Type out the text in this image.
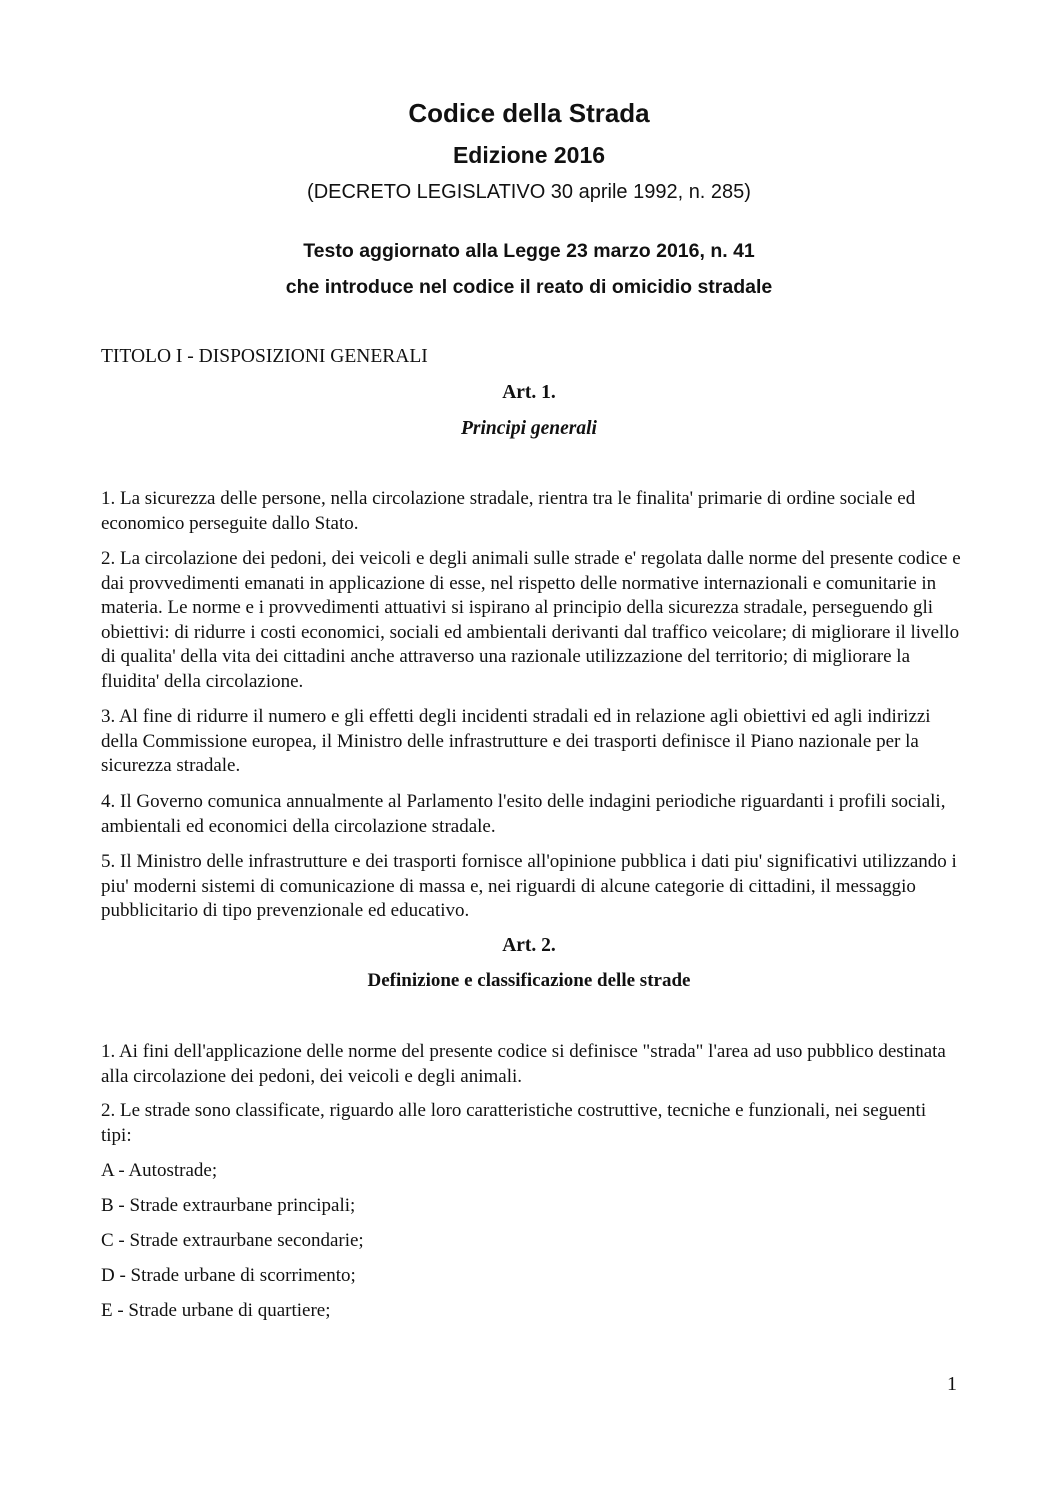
Codice della Strada

Edizione 2016

(DECRETO LEGISLATIVO 30 aprile 1992, n. 285)

Testo aggiornato alla Legge 23 marzo 2016, n. 41

che introduce nel codice il reato di omicidio stradale

TITOLO I - DISPOSIZIONI GENERALI

Art. 1.

Principi generali

1. La sicurezza delle persone, nella circolazione stradale, rientra tra le finalita' primarie di ordine sociale ed economico perseguite dallo Stato.

2. La circolazione dei pedoni, dei veicoli e degli animali sulle strade e' regolata dalle norme del presente codice e dai provvedimenti emanati in applicazione di esse, nel rispetto delle normative internazionali e comunitarie in materia. Le norme e i provvedimenti attuativi si ispirano al principio della sicurezza stradale, perseguendo gli obiettivi: di ridurre i costi economici, sociali ed ambientali derivanti dal traffico veicolare; di migliorare il livello di qualita' della vita dei cittadini anche attraverso una razionale utilizzazione del territorio; di migliorare la fluidita' della circolazione.

3. Al fine di ridurre il numero e gli effetti degli incidenti stradali ed in relazione agli obiettivi ed agli indirizzi della Commissione europea, il Ministro delle infrastrutture e dei trasporti definisce il Piano nazionale per la sicurezza stradale.

4. Il Governo comunica annualmente al Parlamento l'esito delle indagini periodiche riguardanti i profili sociali, ambientali ed economici della circolazione stradale.

5. Il Ministro delle infrastrutture e dei trasporti fornisce all'opinione pubblica i dati piu' significativi utilizzando i piu' moderni sistemi di comunicazione di massa e, nei riguardi di alcune categorie di cittadini, il messaggio pubblicitario di tipo prevenzionale ed educativo.

Art. 2.

Definizione e classificazione delle strade

1. Ai fini dell'applicazione delle norme del presente codice si definisce "strada" l'area ad uso pubblico destinata alla circolazione dei pedoni, dei veicoli e degli animali.

2. Le strade sono classificate, riguardo alle loro caratteristiche costruttive, tecniche e funzionali, nei seguenti tipi:

A - Autostrade;

B - Strade extraurbane principali;

C - Strade extraurbane secondarie;

D - Strade urbane di scorrimento;

E - Strade urbane di quartiere;

1
